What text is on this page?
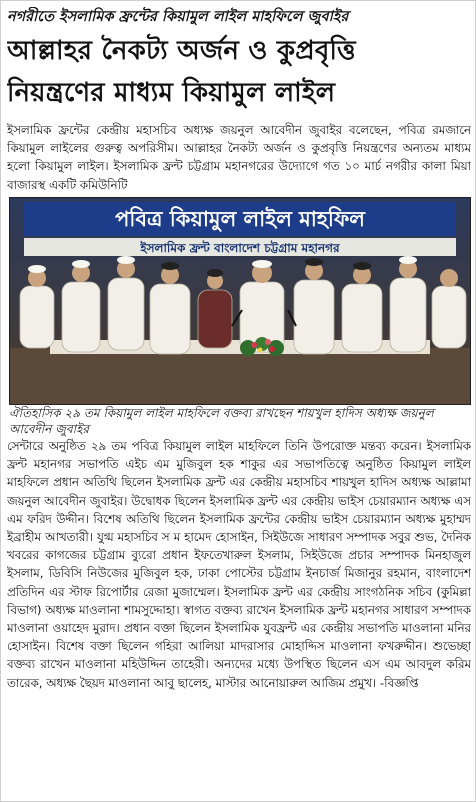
নগরীতে ইসলামিক ফ্রন্টের কিয়ামুল লাইল মাহফিলে জুবাইর
আল্লাহর নৈকট্য অর্জন ও কুপ্রবৃত্তি
নিয়ন্ত্রণের মাধ্যম কিয়ামুল লাইল
ইসলামিক ফ্রন্টের কেন্দ্রীয় মহাসচিব অধ্যক্ষ জয়নুল আবেদীন জুবাইর বলেছেন, পবিত্র রমজানে কিয়ামুল লাইলের গুরুত্ব অপরিসীম। আল্লাহর নৈকট্য অর্জন ও কুপ্রবৃত্তি নিয়ন্ত্রণের অন্যতম মাধ্যম হলো কিয়ামুল লাইল। ইসলামিক ফ্রন্ট চট্টগ্রাম মহানগরের উদ্যোগে গত ১০ মার্চ নগরীর কালা মিয়া বাজারস্থ একটি কমিউনিটি
পবিত্র কিয়ামুল লাইল মাহফিল
ইসলামিক ফ্রন্ট বাংলাদেশ চট্টগ্রাম মহানগর
ঐতিহাসিক ২৯ তম কিয়ামুল লাইল মাহফিলে বক্তব্য রাখছেন শায়খুল হাদিস অধ্যক্ষ জয়নুল আবেদীন জুবাইর
সেন্টারে অনুষ্ঠিত ২৯ তম পবিত্র কিয়ামুল লাইল মাহফিলে তিনি উপরোক্ত মন্তব্য করেন। ইসলামিক ফ্রন্ট মহানগর সভাপতি এইচ এম মুজিবুল হক শাকুর এর সভাপতিত্বে অনুষ্ঠিত কিয়ামুল লাইল মাহফিলে প্রধান অতিথি ছিলেন ইসলামিক ফ্রন্ট এর কেন্দ্রীয় মহাসচিব শায়খুল হাদিস অধ্যক্ষ আল্লামা জয়নুল আবেদীন জুবাইর। উদ্বোধক ছিলেন ইসলামিক ফ্রন্ট এর কেন্দ্রীয় ভাইস চেয়ারম্যান অধ্যক্ষ এস এম ফরিদ উদ্দীন। বিশেষ অতিথি ছিলেন ইসলামিক ফ্রন্টের কেন্দ্রীয় ভাইস চেয়ারম্যান অধ্যক্ষ মুহাম্মদ ইব্রাহীম আখতারী। যুগ্ম মহাসচিব স ম হামেদ হোসাইন, সিইউজে সাধারণ সম্পাদক সবুর শুভ, দৈনিক খবরের কাগজের চট্টগ্রাম ব্যুরো প্রধান ইফতেখারুল ইসলাম, সিইউজে প্রচার সম্পাদক মিনহাজুল ইসলাম, ডিবিসি নিউজের মুজিবুল হক, ঢাকা পোস্টের চট্টগ্রাম ইনচার্জ মিজানুর রহমান, বাংলাদেশ প্রতিদিন এর স্টাফ রিপোর্টার রেজা মুজাম্মেল। ইসলামিক ফ্রন্ট এর কেন্দ্রীয় সাংগঠনিক সচিব (কুমিল্লা বিভাগ) অধ্যক্ষ মাওলানা শামসুদ্দোহা। স্বাগত বক্তব্য রাখেন ইসলামিক ফ্রন্ট মহানগর সাধারণ সম্পাদক মাওলানা ওয়াহেদ মুরাদ। প্রধান বক্তা ছিলেন ইসলামিক যুবফ্রন্ট এর কেন্দ্রীয় সভাপতি মাওলানা মনির হোসাইন। বিশেষ বক্তা ছিলেন গহিরা আলিয়া মাদরাসার মোহাদ্দিস মাওলানা ফখরুদ্দীন। শুভেচ্ছা বক্তব্য রাখেন মাওলানা মহিউদ্দিন তাহেরী। অন্যদের মধ্যে উপস্থিত ছিলেন এস এম আবদুল করিম তারেক, অধ্যক্ষ ছৈয়দ মাওলানা আবু ছালেহ, মাস্টার আনোয়ারুল আজিম প্রমুখ। -বিজ্ঞপ্তি
